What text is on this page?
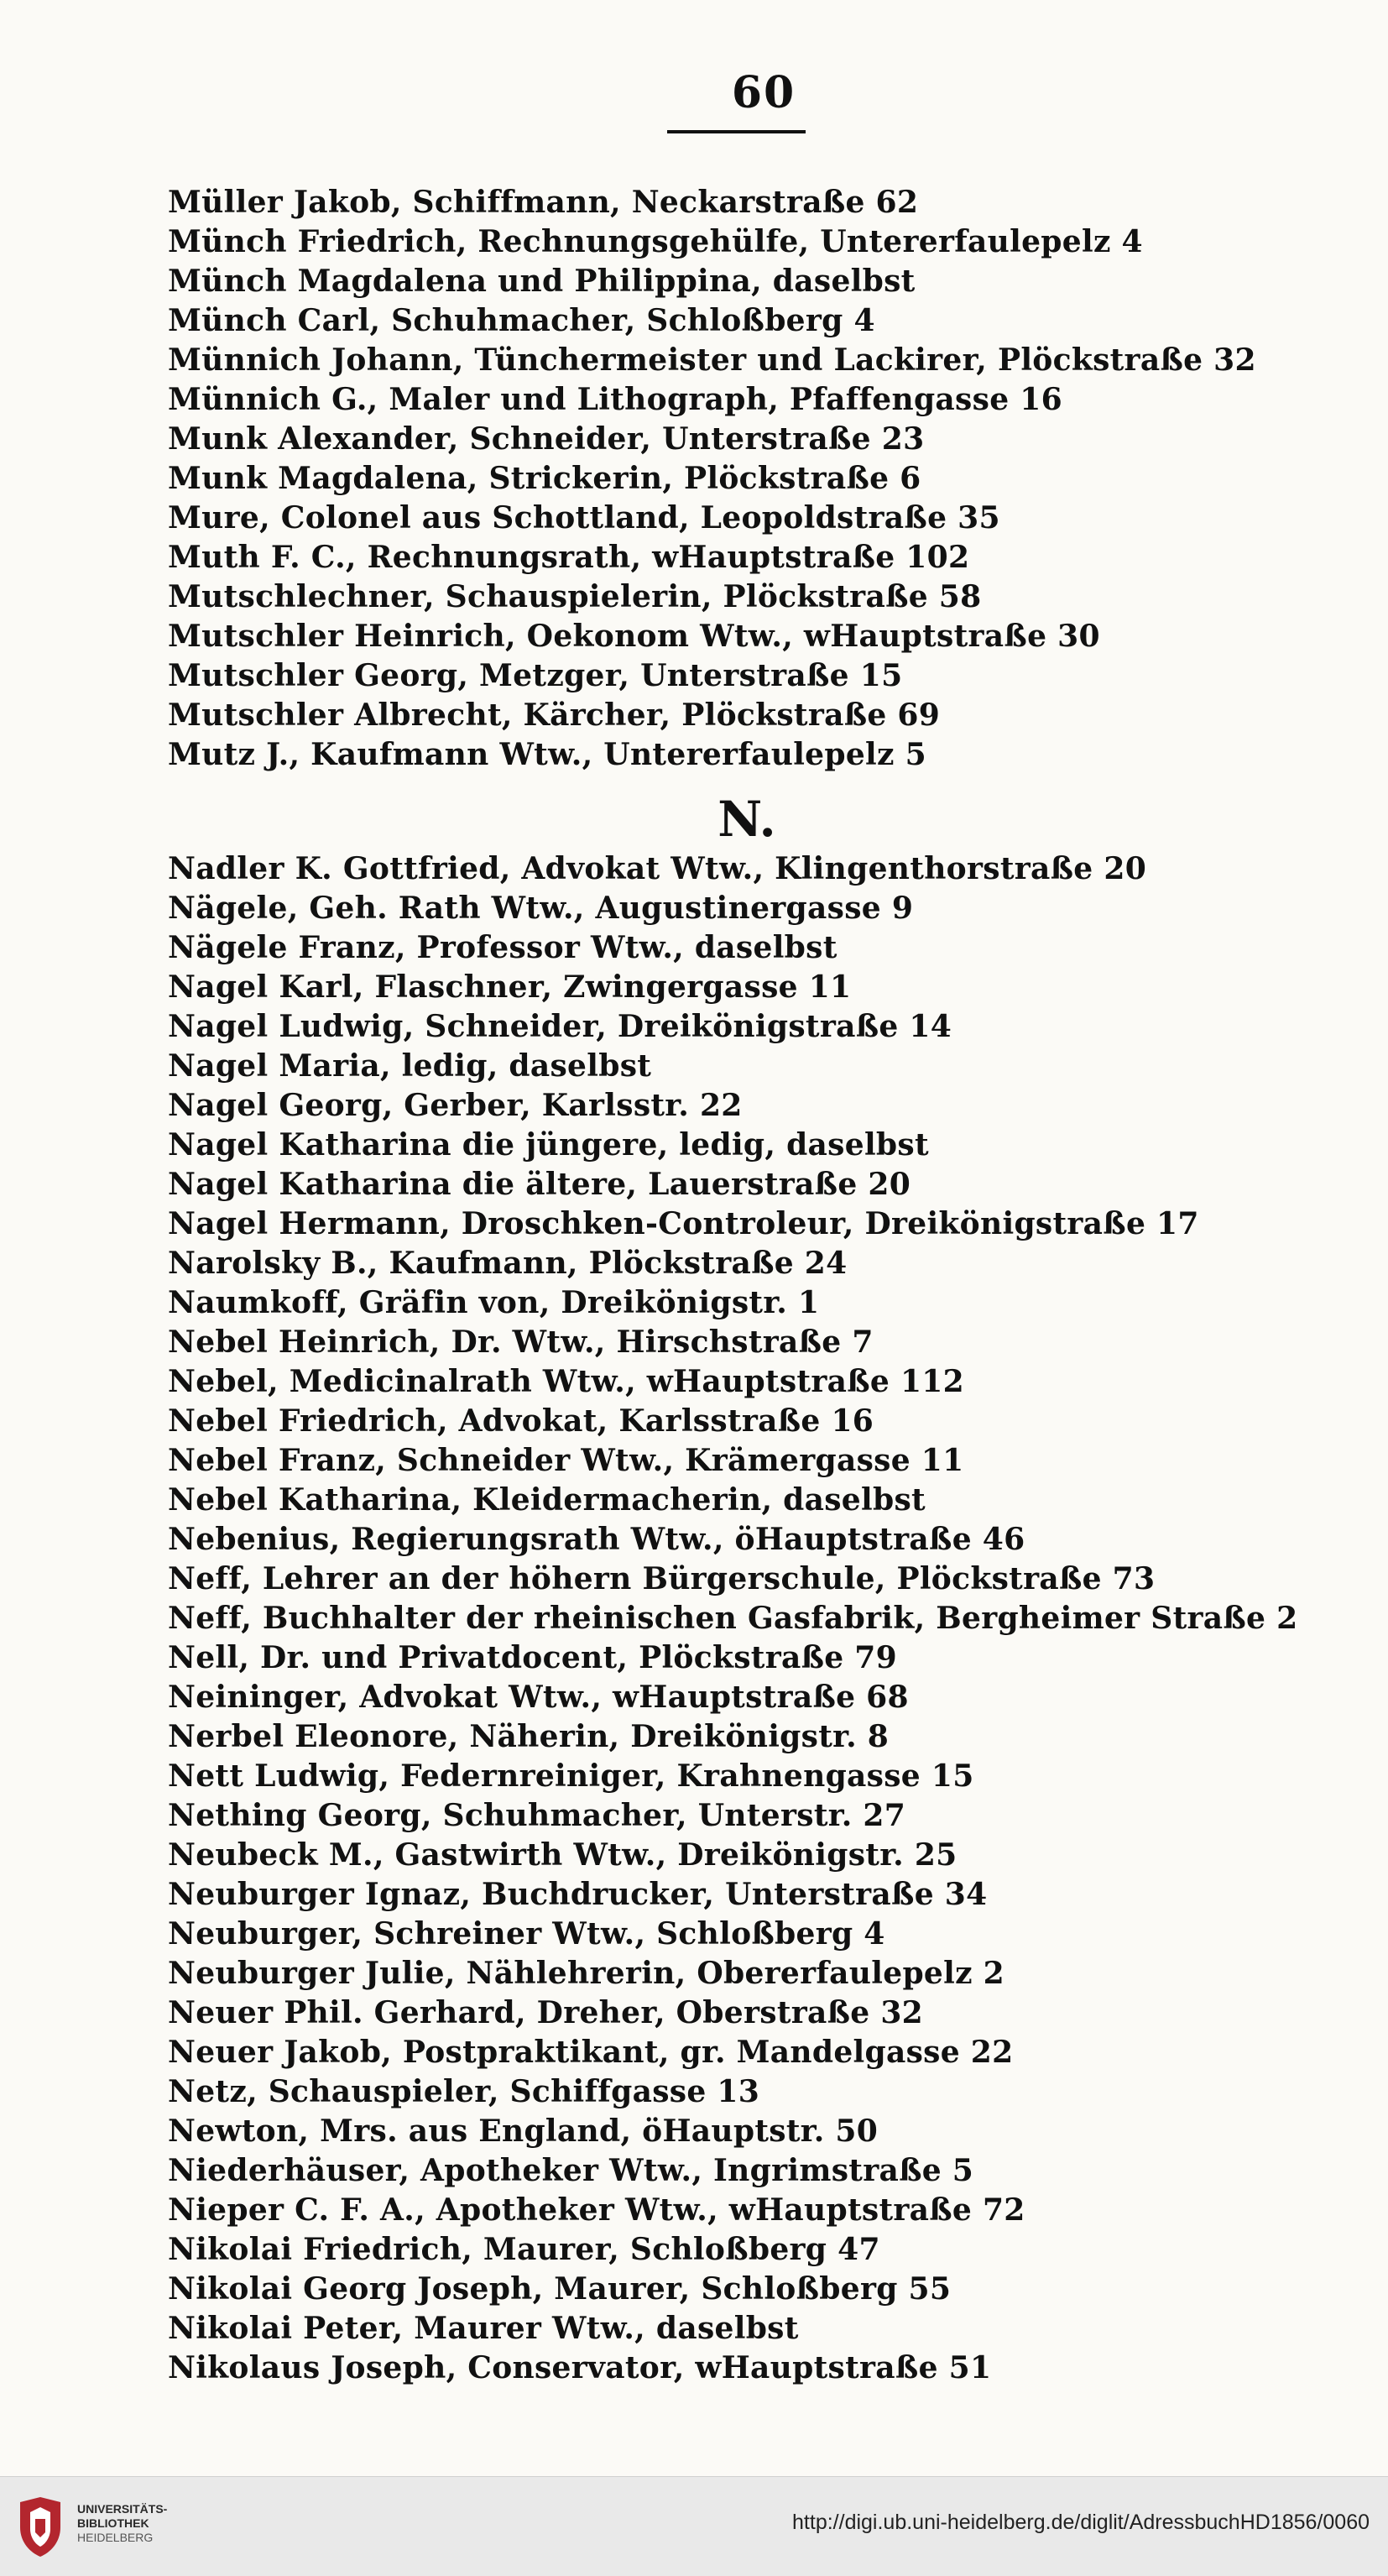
60
Müller Jakob, Schiffmann, Neckarstraße 62
Münch Friedrich, Rechnungsgehülfe, Untererfaulepelz 4
Münch Magdalena und Philippina, daselbst
Münch Carl, Schuhmacher, Schloßberg 4
Münnich Johann, Tünchermeister und Lackirer, Plöckstraße 32
Münnich G., Maler und Lithograph, Pfaffengasse 16
Munk Alexander, Schneider, Unterstraße 23
Munk Magdalena, Strickerin, Plöckstraße 6
Mure, Colonel aus Schottland, Leopoldstraße 35
Muth F. C., Rechnungsrath, wHauptstraße 102
Mutschlechner, Schauspielerin, Plöckstraße 58
Mutschler Heinrich, Oekonom Wtw., wHauptstraße 30
Mutschler Georg, Metzger, Unterstraße 15
Mutschler Albrecht, Kärcher, Plöckstraße 69
Mutz J., Kaufmann Wtw., Untererfaulepelz 5
N.
Nadler K. Gottfried, Advokat Wtw., Klingenthorstraße 20
Nägele, Geh. Rath Wtw., Augustinergasse 9
Nägele Franz, Professor Wtw., daselbst
Nagel Karl, Flaschner, Zwingergasse 11
Nagel Ludwig, Schneider, Dreikönigstraße 14
Nagel Maria, ledig, daselbst
Nagel Georg, Gerber, Karlsstr. 22
Nagel Katharina die jüngere, ledig, daselbst
Nagel Katharina die ältere, Lauerstraße 20
Nagel Hermann, Droschken-Controleur, Dreikönigstraße 17
Narolsky B., Kaufmann, Plöckstraße 24
Naumkoff, Gräfin von, Dreikönigstr. 1
Nebel Heinrich, Dr. Wtw., Hirschstraße 7
Nebel, Medicinalrath Wtw., wHauptstraße 112
Nebel Friedrich, Advokat, Karlsstraße 16
Nebel Franz, Schneider Wtw., Krämergasse 11
Nebel Katharina, Kleidermacherin, daselbst
Nebenius, Regierungsrath Wtw., öHauptstraße 46
Neff, Lehrer an der höhern Bürgerschule, Plöckstraße 73
Neff, Buchhalter der rheinischen Gasfabrik, Bergheimer Straße 2
Nell, Dr. und Privatdocent, Plöckstraße 79
Neininger, Advokat Wtw., wHauptstraße 68
Nerbel Eleonore, Näherin, Dreikönigstr. 8
Nett Ludwig, Federnreiniger, Krahnengasse 15
Nething Georg, Schuhmacher, Unterstr. 27
Neubeck M., Gastwirth Wtw., Dreikönigstr. 25
Neuburger Ignaz, Buchdrucker, Unterstraße 34
Neuburger, Schreiner Wtw., Schloßberg 4
Neuburger Julie, Nählehrerin, Obererfaulepelz 2
Neuer Phil. Gerhard, Dreher, Oberstraße 32
Neuer Jakob, Postpraktikant, gr. Mandelgasse 22
Netz, Schauspieler, Schiffgasse 13
Newton, Mrs. aus England, öHauptstr. 50
Niederhäuser, Apotheker Wtw., Ingrimstraße 5
Nieper C. F. A., Apotheker Wtw., wHauptstraße 72
Nikolai Friedrich, Maurer, Schloßberg 47
Nikolai Georg Joseph, Maurer, Schloßberg 55
Nikolai Peter, Maurer Wtw., daselbst
Nikolaus Joseph, Conservator, wHauptstraße 51
UNIVERSITÄTS-
BIBLIOTHEK
HEIDELBERG
http://digi.ub.uni-heidelberg.de/diglit/AdressbuchHD1856/0060
